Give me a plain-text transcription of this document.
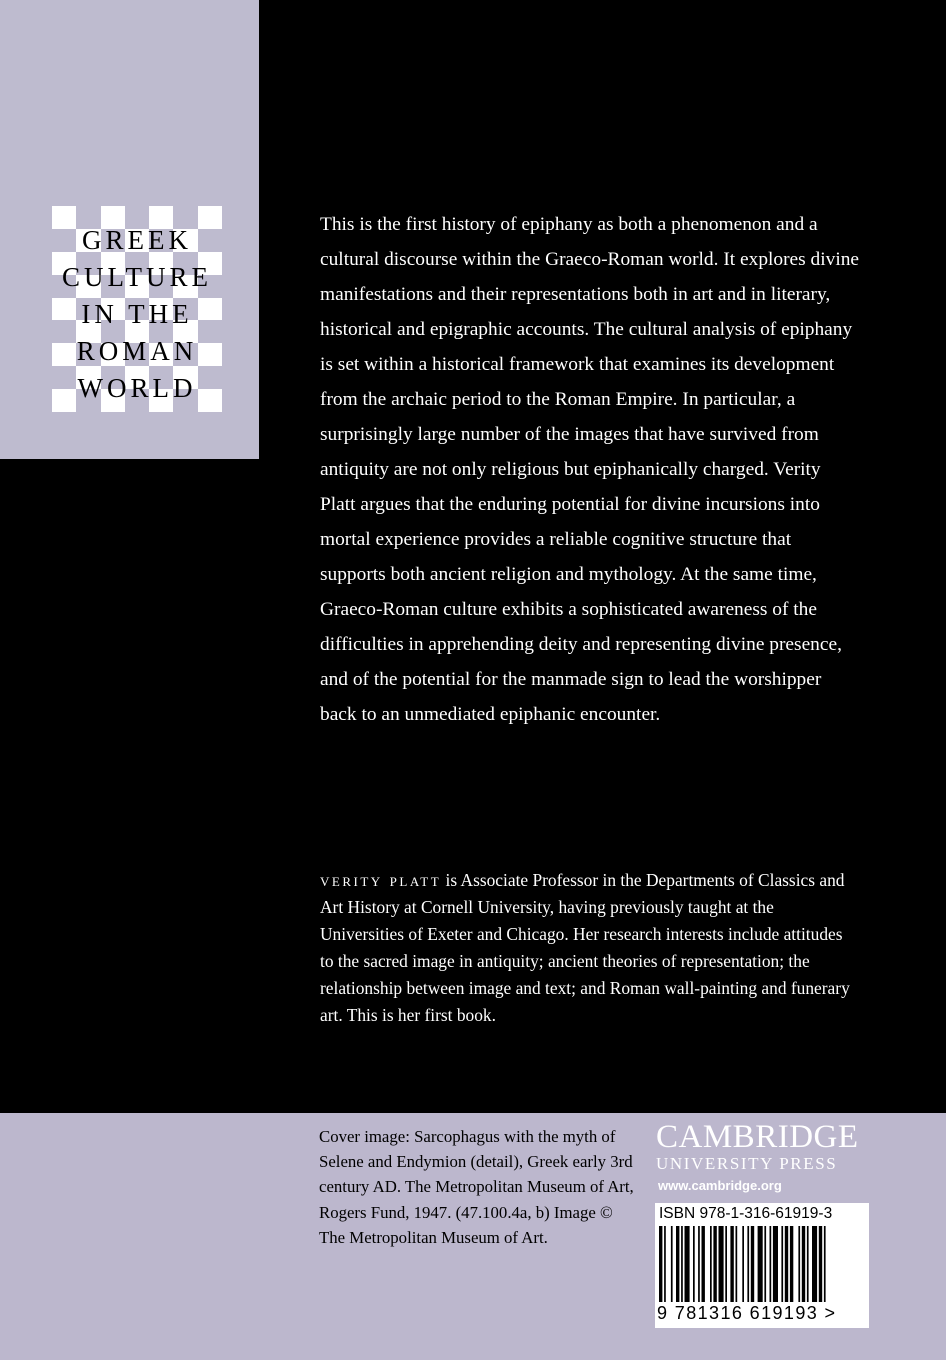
GREEK
CULTURE
IN THE
ROMAN
WORLD

This is the first history of epiphany as both a phenomenon and a cultural discourse within the Graeco-Roman world. It explores divine manifestations and their representations both in art and in literary, historical and epigraphic accounts. The cultural analysis of epiphany is set within a historical framework that examines its development from the archaic period to the Roman Empire. In particular, a surprisingly large number of the images that have survived from antiquity are not only religious but epiphanically charged. Verity Platt argues that the enduring potential for divine incursions into mortal experience provides a reliable cognitive structure that supports both ancient religion and mythology. At the same time, Graeco-Roman culture exhibits a sophisticated awareness of the difficulties in apprehending deity and representing divine presence, and of the potential for the manmade sign to lead the worshipper back to an unmediated epiphanic encounter.

verity platt is Associate Professor in the Departments of Classics and Art History at Cornell University, having previously taught at the Universities of Exeter and Chicago. Her research interests include attitudes to the sacred image in antiquity; ancient theories of representation; the relationship between image and text; and Roman wall-painting and funerary art. This is her first book.

Cover image: Sarcophagus with the myth of Selene and Endymion (detail), Greek early 3rd century AD. The Metropolitan Museum of Art, Rogers Fund, 1947. (47.100.4a, b) Image © The Metropolitan Museum of Art.
CAMBRIDGE
UNIVERSITY PRESS
www.cambridge.org
ISBN 978-1-316-61919-3
9 781316 619193 >
